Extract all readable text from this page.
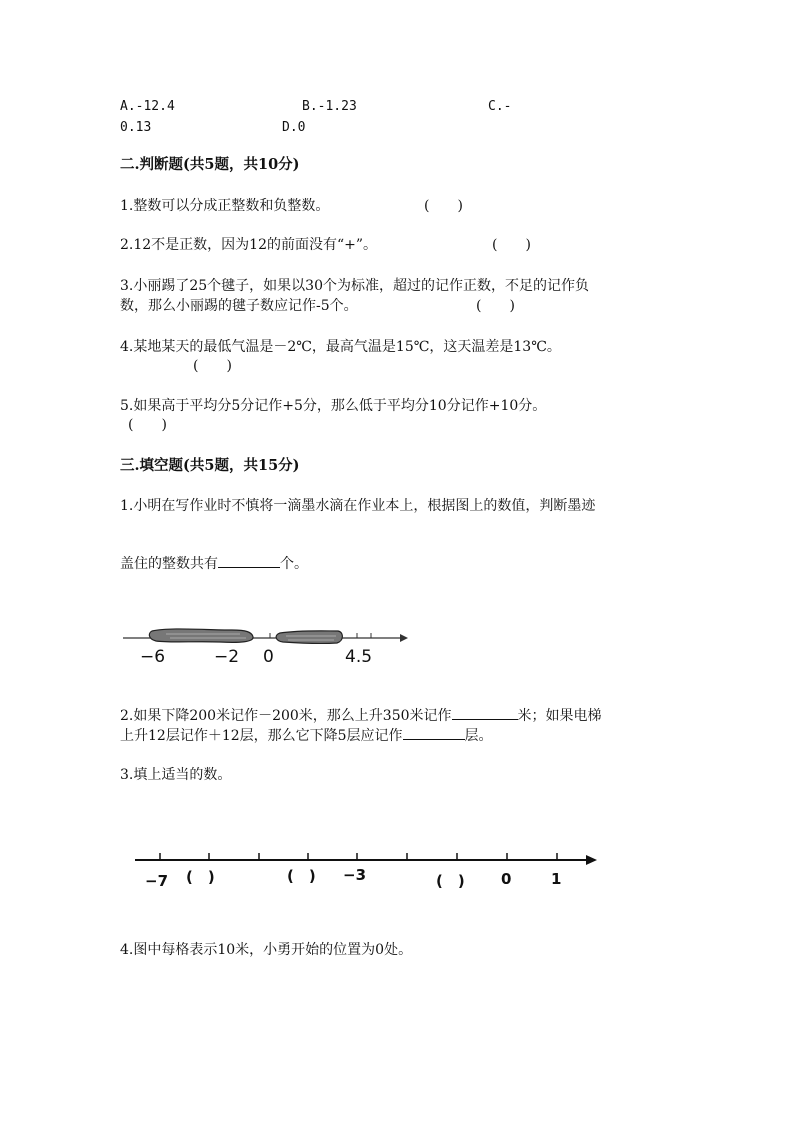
A.-12.4	B.-1.23	C.-
0.13	D.0
二.判断题(共5题，共10分)
1.整数可以分成正整数和负整数。	(　　)
2.12不是正数，因为12的前面没有“+”。	(　　)
3.小丽踢了25个毽子，如果以30个为标准，超过的记作正数，不足的记作负
数，那么小丽踢的毽子数应记作-5个。	(　　)
4.某地某天的最低气温是－2℃，最高气温是15℃，这天温差是13℃。
(　　)
5.如果高于平均分5分记作+5分，那么低于平均分10分记作+10分。
(　　)
三.填空题(共5题，共15分)
1.小明在写作业时不慎将一滴墨水滴在作业本上，根据图上的数值，判断墨迹
盖住的整数共有	个。
−6	−2 0	4.5
2.如果下降200米记作－200米，那么上升350米记作	米；如果电梯
上升12层记作＋12层，那么它下降5层应记作	层。
3.填上适当的数。
−7 (　)	(　) −3	(　) 0	1
4.图中每格表示10米，小勇开始的位置为0处。
